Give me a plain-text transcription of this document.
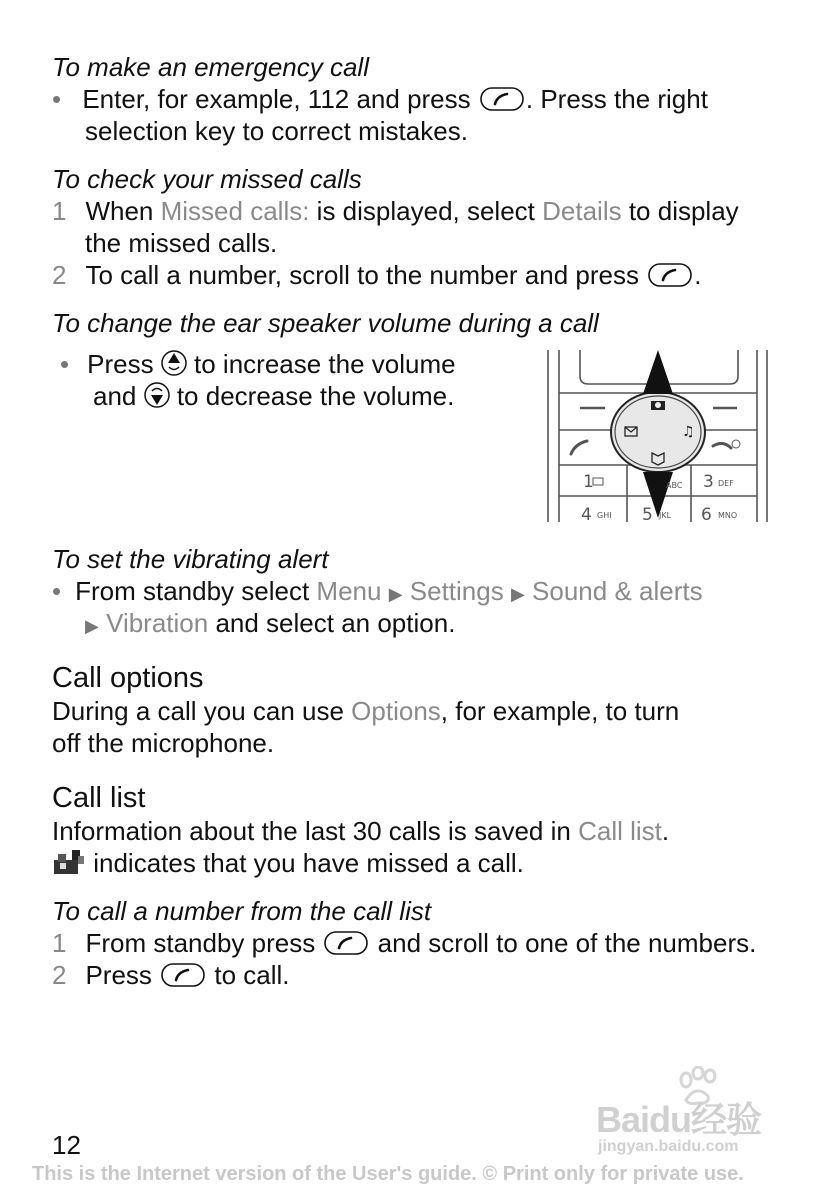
To make an emergency call
• Enter, for example, 112 and press . Press the right
selection key to correct mistakes.
To check your missed calls
1 When Missed calls: is displayed, select Details to display
the missed calls.
2 To call a number, scroll to the number and press .
To change the ear speaker volume during a call
• Press  to increase the volume
and  to decrease the volume.
♫
1	ABC 3 DEF
4 GHI 5 JKL 6 MNO
To set the vibrating alert
• From standby select Menu ▶ Settings ▶ Sound & alerts
▶ Vibration and select an option.
Call options
During a call you can use Options, for example, to turn
off the microphone.
Call list
Information about the last 30 calls is saved in Call list.
indicates that you have missed a call.
To call a number from the call list
1 From standby press  and scroll to one of the numbers.
2 Press  to call.
Baidu经验
jingyan.baidu.com
12
This is the Internet version of the User's guide. © Print only for private use.
